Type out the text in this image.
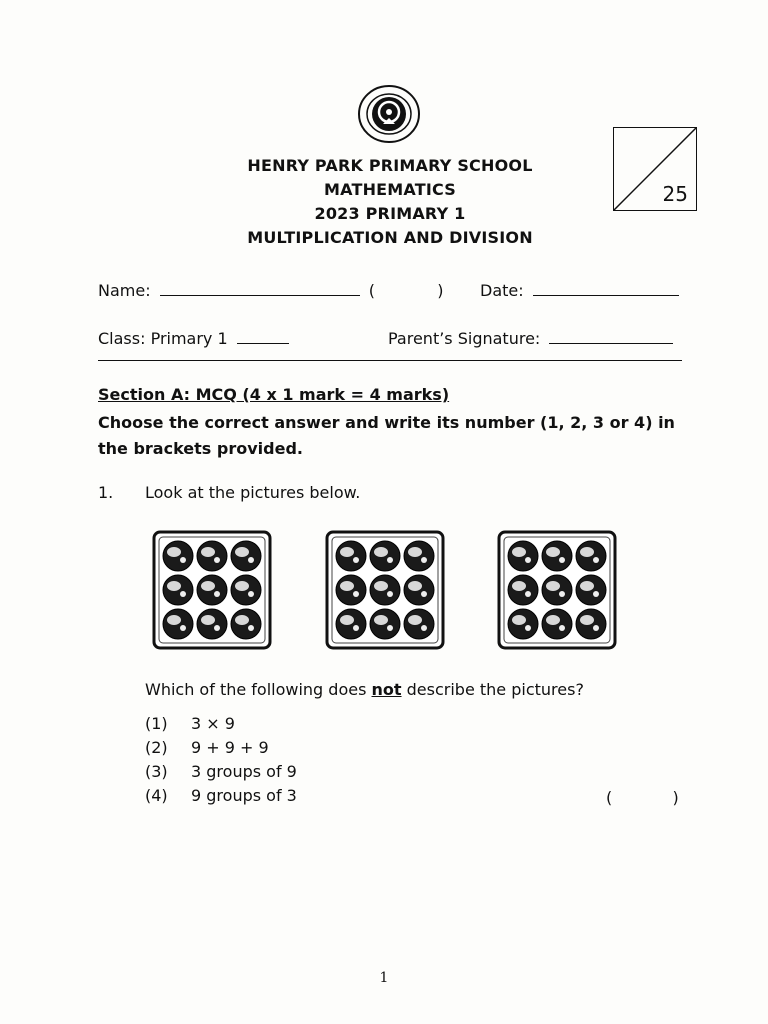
25
HENRY PARK PRIMARY SCHOOL
MATHEMATICS
2023 PRIMARY 1
MULTIPLICATION AND DIVISION
Name:	(	) Date:
Class: Primary 1	Parent’s Signature:
Section A: MCQ (4 x 1 mark = 4 marks)
Choose the correct answer and write its number (1, 2, 3 or 4) in
the brackets provided.
1. Look at the pictures below.
Which of the following does not describe the pictures?
(1) 3 × 9
(2) 9 + 9 + 9
(3) 3 groups of 9
(4) 9 groups of 3	(	)
1
